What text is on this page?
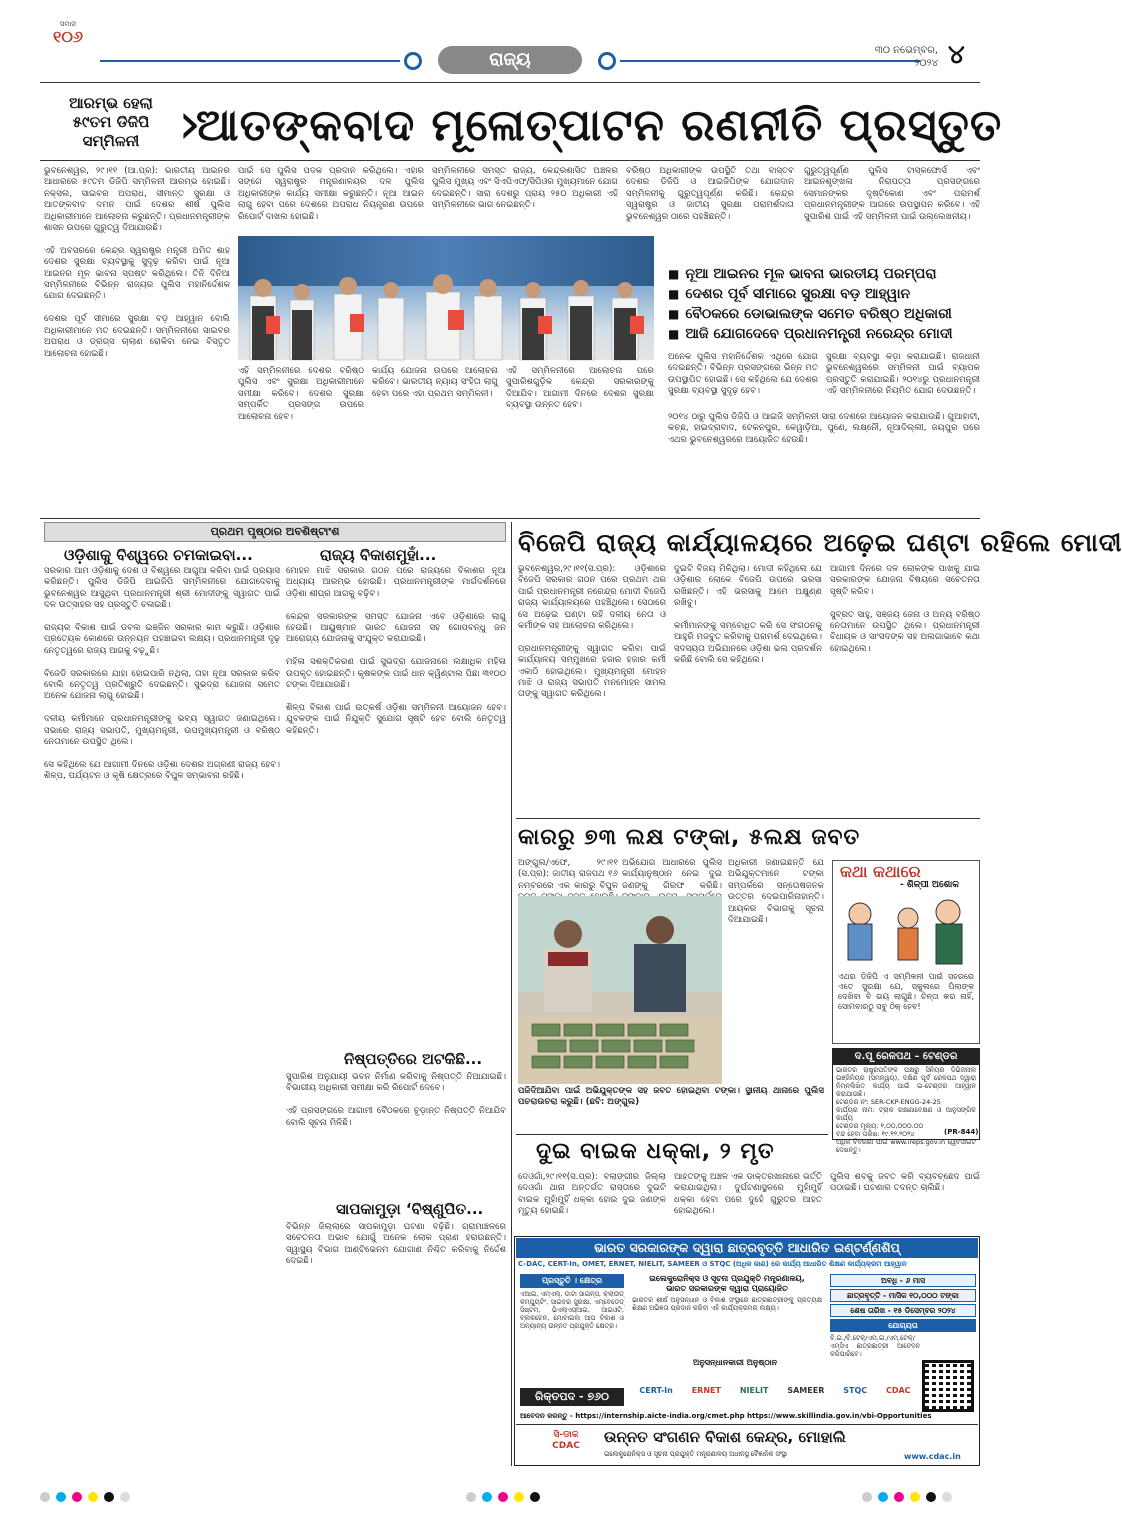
ସମାଜ
୧୦୬
ରାଜ୍ୟ	୩୦ ନଭେମ୍ବର,
୨୦୨୪ ୪
ଆରମ୍ଭ ହେଲା
୫୯ତମ ଡିଜିପି
ସମ୍ମିଳନୀ ›
ଆତଙ୍କବାଦ ମୂଳୋତ୍ପାଟନ ରଣନୀତି ପ୍ରସ୍ତୁତ
ଭୁବନେଶ୍ୱର, ୨୯।୧୧ (ଆ.ପ୍ର): ଭାରତୀୟ ଆଇନର ଆଧାରରେ ୫୯ତମ ଡିଜିପି ସମ୍ମିଳନୀ ଆରମ୍ଭ ହୋଇଛି। ନକ୍ସଲ, ସାଇବର ଅପରାଧ, ସୀମାନ୍ତ ସୁରକ୍ଷା ଓ ଆତଙ୍କବାଦ ଦମନ ପାଇଁ ଦେଶର ଶୀର୍ଷ ପୁଲିସ ଅଧିକାରୀମାନେ ଆଲୋଚନା କରୁଛନ୍ତି। ପ୍ରଧାନମନ୍ତ୍ରୀଙ୍କ ଶାସନ ଉପରେ ଗୁରୁତ୍ୱ ଦିଆଯାଉଛି।

ଏହି ଅବସରରେ କେନ୍ଦ୍ର ସ୍ୱରାଷ୍ଟ୍ର ମନ୍ତ୍ରୀ ଅମିତ ଶାହ ଦେଶର ସୁରକ୍ଷା ବ୍ୟବସ୍ଥାକୁ ସୁଦୃଢ଼ କରିବା ପାଇଁ ନୂଆ ଆଇନର ମୂଳ ଭାବନା ସ୍ପଷ୍ଟ କରିଥିଲେ। ତିନି ଦିନିଆ ସମ୍ମିଳନୀରେ ବିଭିନ୍ନ ରାଜ୍ୟର ପୁଲିସ ମହାନିର୍ଦ୍ଦେଶକ ଯୋଗ ଦେଇଛନ୍ତି।

ଦେଶର ପୂର୍ବ ସୀମାରେ ସୁରକ୍ଷା ବଡ଼ ଆହ୍ୱାନ ବୋଲି ଅଧିକାରୀମାନେ ମତ ଦେଇଛନ୍ତି। ସମ୍ମିଳନୀରେ ସାଇବର ଅପରାଧ ଓ ଡ୍ରଗ୍ସ ଚାଲାଣ ରୋକିବା ନେଇ ବିସ୍ତୃତ ଆଲୋଚନା ହୋଇଛି।
ପାଇଁ ସେ ପୁଲିସ ପଦକ ପ୍ରଦାନ କରିଥିଲେ। ଏହାର ସଙ୍ଗେ ସ୍ୱରାଷ୍ଟ୍ର ମନ୍ତ୍ରଣାଳୟର ଦଳ ପୁଲିସ ଅଧିକାରୀଙ୍କ କାର୍ଯ୍ୟ ସମୀକ୍ଷା କରୁଛନ୍ତି। ନୂଆ ଆଇନ ଲାଗୁ ହେବା ପରେ ଦେଶରେ ଅପରାଧ ନିୟନ୍ତ୍ରଣ ଉପରେ ରିପୋର୍ଟ ଦାଖଲ ହୋଇଛି।
ସମ୍ମିଳନୀରେ ସମସ୍ତ ରାଜ୍ୟ, କେନ୍ଦ୍ରଶାସିତ ଅଞ୍ଚଳର ପୁଲିସ ମୁଖ୍ୟ ଏବଂ ସିଏପିଏଫ୍/ସିପିଓର ମୁଖ୍ୟମାନେ ଯୋଗ ଦେଇଛନ୍ତି। ସାରା ଦେଶରୁ ପ୍ରାୟ ୨୫୦ ଅଧିକାରୀ ଏହି ସମ୍ମିଳନୀରେ ଭାଗ ନେଇଛନ୍ତି।
ବରିଷ୍ଠ ଅଧିକାରୀଙ୍କ ଉପସ୍ଥିତି ତଥା ବାସ୍ତବ ଦେଶର ଡିଜିପି ଓ ଆଇଜିପିଙ୍କ ଯୋଗଦାନ ସମ୍ମିଳନୀକୁ ଗୁରୁତ୍ୱପୂର୍ଣ୍ଣ କରିଛି। କେନ୍ଦ୍ର ସ୍ୱରାଷ୍ଟ୍ର ଓ ଜାତୀୟ ସୁରକ୍ଷା ପରାମର୍ଶଦାତା ଭୁବନେଶ୍ୱର ଠାରେ ପହଞ୍ଚିଛନ୍ତି।
ଗୁରୁତ୍ୱପୂର୍ଣ୍ଣ ପୁଲିସ ଟାସ୍କଫୋର୍ସ ଏବଂ ଆଇନଶୃଙ୍ଖଳା ନିରାପତ୍ତା ପ୍ରସଙ୍ଗରେ ସେମାନଙ୍କର ଦୃଷ୍ଟିକୋଣ ଏବଂ ପରାମର୍ଶ ପ୍ରଧାନମନ୍ତ୍ରୀଙ୍କ ଆଗରେ ଉପସ୍ଥାପନ କରିବେ। ଏହି ସୁପାରିଶ ପାଇଁ ଏହି ସମ୍ମିଳନୀ ପାଇଁ ଉଲ୍ଲେଖନୀୟ।
■ ନୂଆ ଆଇନର ମୂଳ ଭାବନା ଭାରତୀୟ ପରମ୍ପରା
■ ଦେଶର ପୂର୍ବ ସୀମାରେ ସୁରକ୍ଷା ବଡ଼ ଆହ୍ୱାନ
■ ବୈଠକରେ ଡୋଭାଲଙ୍କ ସମେତ ବରିଷ୍ଠ ଅଧିକାରୀ
■ ଆଜି ଯୋଗଦେବେ ପ୍ରଧାନମନ୍ତ୍ରୀ ନରେନ୍ଦ୍ର ମୋଦୀ
ଅନେକ ପୁଲିସ ମହାନିର୍ଦ୍ଦେଶକ ଏଥିରେ ଯୋଗ ଦେଇଛନ୍ତି। ବିଭିନ୍ନ ପ୍ରସଙ୍ଗରେ ଭିନ୍ନ ମତ ଉପସ୍ଥାପିତ ହୋଇଛି। ସେ କହିଥିଲେ ଯେ ଦେଶର ସୁରକ୍ଷା ବ୍ୟବସ୍ଥା ସୁଦୃଢ଼ ହେବ।
ସୁରକ୍ଷା ବ୍ୟବସ୍ଥା କଡ଼ା କରାଯାଇଛି। ରାଜଧାନୀ ଭୁବନେଶ୍ୱରରେ ସମ୍ମିଳନୀ ପାଇଁ ବ୍ୟାପକ ପ୍ରସ୍ତୁତି କରାଯାଇଛି। ୨୦୧୪ରୁ ପ୍ରଧାନମନ୍ତ୍ରୀ ଏହି ସମ୍ମିଳନୀରେ ନିୟମିତ ଯୋଗ ଦେଉଛନ୍ତି।
ଏହି ସମ୍ମିଳନୀରେ ଦେଶର ବରିଷ୍ଠ ପୁଲିସ ଏବଂ ସୁରକ୍ଷା ଅଧିକାରୀମାନେ ସମୀକ୍ଷା କରିବେ। ଦେଶର ସୁରକ୍ଷା ସମ୍ପର୍କିତ ପ୍ରସଙ୍ଗ ଉପରେ ଆଲୋଚନା ହେବ।
କାର୍ଯ୍ୟ ଯୋଜନା ଉପରେ ଆଲୋଚନା କରିବେ। ଭାରତୀୟ ନ୍ୟାୟ ସଂହିତା ଲାଗୁ ହେବା ପରେ ଏହା ପ୍ରଥମ ସମ୍ମିଳନୀ।
ଏହି ସମ୍ମିଳନୀରେ ଆଲୋଚନା ପରେ ସୁପାରିଶଗୁଡ଼ିକ କେନ୍ଦ୍ର ସରକାରଙ୍କୁ ଦିଆଯିବ। ଆଗାମୀ ଦିନରେ ଦେଶର ସୁରକ୍ଷା ବ୍ୟବସ୍ଥା ଉନ୍ନତ ହେବ।
୨୦୧୪ ଠାରୁ ପୁଲିସ ଡିଜିପି ଓ ଆଇଜି ସମ୍ମିଳନୀ ସାରା ଦେଶରେ ଆୟୋଜନ କରାଯାଉଛି। ଗୁଆହାଟୀ, କଚ୍ଛ, ହାଇଦ୍ରାବାଦ, ଟେକନପୁର, କେୱାଡ଼ିଆ, ପୁଣେ, ଲକ୍ଷ୍ନୌ, ନୂଆଦିଲ୍ଲୀ, ଜୟପୁର ପରେ ଏଥର ଭୁବନେଶ୍ୱରରେ ଆୟୋଜିତ ହେଉଛି।
ପ୍ରଥମ ପୃଷ୍ଠାର ଅବଶିଷ୍ଟାଂଶ
ଓଡ଼ିଶାକୁ ବିଶ୍ୱରେ ଚମକାଇବା...
ସରକାର ଆମ ଓଡ଼ିଶାକୁ ଦେଶ ଓ ବିଶ୍ୱରେ ଆଗୁଆ କରିବା ପାଇଁ ପ୍ରୟାସ କରିଛନ୍ତି। ପୁଲିସ ଡିଜିପି ଆଇଜିପି ସମ୍ମିଳନୀରେ ଯୋଗଦେବାକୁ ଭୁବନେଶ୍ୱର ଆସୁଥିବା ପ୍ରଧାନମନ୍ତ୍ରୀ ଶ୍ରୀ ମୋଦୀଙ୍କୁ ସ୍ୱାଗତ ପାଇଁ ଦଳ ଉତ୍ସାହର ସହ ପ୍ରସ୍ତୁତି ଚଳାଇଛି।

ରାଜ୍ୟର ବିକାଶ ପାଇଁ ଡବଲ ଇଞ୍ଜିନ ସରକାର କାମ କରୁଛି। ଓଡ଼ିଶାର ପ୍ରତ୍ୟେକ କୋଣରେ ଉନ୍ନୟନ ପହଞ୍ଚାଇବା ଲକ୍ଷ୍ୟ। ପ୍ରଧାନମନ୍ତ୍ରୀ ଦୃଢ଼ ନେତୃତ୍ୱରେ ରାଜ୍ୟ ଆଗକୁ ବଢ଼ୁଛି।

ବିଜେଡି ସରକାରରେ ଯାହା ହୋଇପାରି ନଥିଲା, ତାହା ନୂଆ ସରକାର କରିବ ବୋଲି ନେତୃତ୍ୱ ପ୍ରତିଶ୍ରୁତି ଦେଇଛନ୍ତି। ସୁଭଦ୍ରା ଯୋଜନା ସମେତ ଅନେକ ଯୋଜନା ଲାଗୁ ହୋଇଛି।

ଦଳୀୟ କର୍ମୀମାନେ ପ୍ରଧାନମନ୍ତ୍ରୀଙ୍କୁ ଭବ୍ୟ ସ୍ୱାଗତ ଜଣାଇଥିଲେ। ସଭାରେ ରାଜ୍ୟ ସଭାପତି, ମୁଖ୍ୟମନ୍ତ୍ରୀ, ଉପମୁଖ୍ୟମନ୍ତ୍ରୀ ଓ ବରିଷ୍ଠ ନେତାମାନେ ଉପସ୍ଥିତ ଥିଲେ।

ସେ କହିଥିଲେ ଯେ ଆଗାମୀ ଦିନରେ ଓଡ଼ିଶା ଦେଶର ଅଗ୍ରଣୀ ରାଜ୍ୟ ହେବ। ଶିଳ୍ପ, ପର୍ଯ୍ୟଟନ ଓ କୃଷି କ୍ଷେତ୍ରରେ ବିପୁଳ ସମ୍ଭାବନା ରହିଛି।
ରାଜ୍ୟ ବିକାଶମୁହାଁ...
ମୋହନ ମାଝି ସରକାର ଗଠନ ପରେ ରାଜ୍ୟରେ ବିକାଶର ନୂଆ ଅଧ୍ୟାୟ ଆରମ୍ଭ ହୋଇଛି। ପ୍ରଧାନମନ୍ତ୍ରୀଙ୍କ ମାର୍ଗଦର୍ଶନରେ ଓଡ଼ିଶା ଶୀଘ୍ର ଆଗକୁ ବଢ଼ିବ।

କେନ୍ଦ୍ର ସରକାରଙ୍କ ସମସ୍ତ ଯୋଜନା ଏବେ ଓଡ଼ିଶାରେ ଲାଗୁ ହେଉଛି। ଆୟୁଷ୍ମାନ ଭାରତ ଯୋଜନା ସହ ଗୋପବନ୍ଧୁ ଜନ ଆରୋଗ୍ୟ ଯୋଜନାକୁ ସଂଯୁକ୍ତ କରାଯାଇଛି।

ମହିଳା ସଶକ୍ତିକରଣ ପାଇଁ ସୁଭଦ୍ରା ଯୋଜନାରେ ଲକ୍ଷାଧିକ ମହିଳା ଉପକୃତ ହୋଇଛନ୍ତି। କୃଷକଙ୍କ ପାଇଁ ଧାନ କ୍ୱିଣ୍ଟାଲ ପିଛା ୩୧୦୦ ଟଙ୍କା ଦିଆଯାଉଛି।

ଶିଳ୍ପ ବିକାଶ ପାଇଁ ଉତ୍କର୍ଷ ଓଡ଼ିଶା ସମ୍ମିଳନୀ ଆୟୋଜନ ହେବ। ଯୁବକଙ୍କ ପାଇଁ ନିଯୁକ୍ତି ସୁଯୋଗ ସୃଷ୍ଟି ହେବ ବୋଲି ନେତୃତ୍ୱ କହିଛନ୍ତି।
ନିଷ୍ପତ୍ତିରେ ଅଟକିଛି...
ସୁପାରିଶ ଅନୁଯାୟୀ ଭବନ ନିର୍ମାଣ କରିବାକୁ ନିଷ୍ପତ୍ତି ନିଆଯାଇଛି। ବିଭାଗୀୟ ଅଧିକାରୀ ସମୀକ୍ଷା କରି ରିପୋର୍ଟ ଦେବେ।

ଏହି ପ୍ରସଙ୍ଗରେ ଆଗାମୀ ବୈଠକରେ ଚୂଡ଼ାନ୍ତ ନିଷ୍ପତ୍ତି ନିଆଯିବ ବୋଲି ସୂଚନା ମିଳିଛି।
ସାପକାମୁଡ଼ା ‘ବିଷ୍ଣୁପିତ...
ବିଭିନ୍ନ ଜିଲ୍ଲାରେ ସାପକାମୁଡ଼ା ଘଟଣା ବଢ଼ିଛି। ଗ୍ରାମାଞ୍ଚଳରେ ସଚେତନତା ଅଭାବ ଯୋଗୁଁ ଅନେକ ଲୋକ ପ୍ରାଣ ହରାଉଛନ୍ତି। ସ୍ୱାସ୍ଥ୍ୟ ବିଭାଗ ଆଣ୍ଟିଭେନମ ଯୋଗାଣ ନିଶ୍ଚିତ କରିବାକୁ ନିର୍ଦ୍ଦେଶ ଦେଇଛି।
ବିଜେପି ରାଜ୍ୟ କାର୍ଯ୍ୟାଳୟରେ ଅଢ଼େଇ ଘଣ୍ଟା ରହିଲେ ମୋଦୀ
ଭୁବନେଶ୍ୱର,୨୯।୧୧(ସ.ପ୍ର): ଓଡ଼ିଶାରେ ବିଜେପି ସରକାର ଗଠନ ପରେ ପ୍ରଥମ ଥର ପାଇଁ ପ୍ରଧାନମନ୍ତ୍ରୀ ନରେନ୍ଦ୍ର ମୋଦୀ ବିଜେପି ରାଜ୍ୟ କାର୍ଯ୍ୟାଳୟରେ ପହଞ୍ଚିଥିଲେ। ସେଠାରେ ସେ ଅଢ଼େଇ ଘଣ୍ଟା ରହି ଦଳୀୟ ନେତା ଓ କର୍ମୀଙ୍କ ସହ ଆଲୋଚନା କରିଥିଲେ।

ପ୍ରଧାନମନ୍ତ୍ରୀଙ୍କୁ ସ୍ୱାଗତ କରିବା ପାଇଁ କାର୍ଯ୍ୟାଳୟ ସମ୍ମୁଖରେ ହଜାର ହଜାର କର୍ମୀ ଏକାଠି ହୋଇଥିଲେ। ମୁଖ୍ୟମନ୍ତ୍ରୀ ମୋହନ ମାଝି ଓ ରାଜ୍ୟ ସଭାପତି ମନମୋହନ ସାମଲ ତାଙ୍କୁ ସ୍ୱାଗତ କରିଥିଲେ।
ଦୁଇଟି ବିଜୟ ମିଳିଥିଲା। ମୋଦୀ କହିଥିଲେ ଯେ ଓଡ଼ିଶାର ଲୋକେ ବିଜେପି ଉପରେ ଭରସା ରଖିଛନ୍ତି। ଏହି ଭରସାକୁ ଆମେ ଅକ୍ଷୁଣ୍ଣ ରଖିବୁ।

କର୍ମୀମାନଙ୍କୁ ସମ୍ବୋଧିତ କରି ସେ ସଂଗଠନକୁ ଆହୁରି ମଜବୁତ କରିବାକୁ ପରାମର୍ଶ ଦେଇଥିଲେ। ସଦସ୍ୟତା ଅଭିଯାନରେ ଓଡ଼ିଶା ଭଲ ପ୍ରଦର୍ଶନ କରିଛି ବୋଲି ସେ କହିଥିଲେ।
ଆଗାମୀ ଦିନରେ ଦଳ ଲୋକଙ୍କ ପାଖକୁ ଯାଇ ସରକାରଙ୍କ ଯୋଜନା ବିଷୟରେ ସଚେତନତା ସୃଷ୍ଟି କରିବ।

ସୁବ୍ରତ ସାହୁ, ସଞ୍ଜୟ ଜେନା ଓ ଅନ୍ୟ ବରିଷ୍ଠ ନେତାମାନେ ଉପସ୍ଥିତ ଥିଲେ। ପ୍ରଧାନମନ୍ତ୍ରୀ ବିଧାୟକ ଓ ସାଂସଦଙ୍କ ସହ ଅଲଗାଭାବେ କଥା ହୋଇଥିଲେ।
କାରରୁ ୭୩ ଲକ୍ଷ ଟଙ୍କା, ୫ଲକ୍ଷ ଜବତ
ଅଙ୍ଗୁଲ/ଏଫେ, ୨୯।୧୧ (ସ.ପ୍ର): ଜାତୀୟ ରାଜପଥ ୧୬ ନମ୍ବରରେ ଏକ କାରରୁ ବିପୁଳ
ଅଭିଯୋଗ ଆଧାରରେ ପୁଲିସ କାର୍ଯ୍ୟାନୁଷ୍ଠାନ ନେଇ ଦୁଇ ଜଣଙ୍କୁ ଗିରଫ କରିଛି।
ଅଧିକାରୀ ଜଣାଇଛନ୍ତି ଯେ ଅଭିଯୁକ୍ତମାନେ ଟଙ୍କା ସମ୍ପର୍କରେ ସନ୍ତୋଷଜନକ ଉତ୍ତର ଦେଇପାରିନାହାନ୍ତି। ଆୟକର ବିଭାଗକୁ ସୂଚନା ଦିଆଯାଇଛି।
ପଜିଦିଆଯିବା ପାଇଁ ଅଭିଯୁକ୍ତଙ୍କ ସହ ଜବତ ହୋଇଥିବା ଟଙ୍କା। ସ୍ଥାନୀୟ ଥାନାରେ ପୁଲିସ ପଚରାଉଚରା କରୁଛି। (ଛବି: ଅଙ୍ଗୁଲ)
କଥା କଥାରେ
- ଶିଳ୍ପୀ ଅଶୋକ
ଏଥର ଡିଜିପି ଏ ସମ୍ମିଳନୀ ପାଇଁ ସହରରେ ଏତେ ସୁରକ୍ଷା ଯେ, ସ୍କୁଲରେ ପିଲାଙ୍କ ଦେଖିବା ବି ଭୟ ଲାଗୁଛି। ଚିନ୍ତା କର ନାହିଁ, ସୋମବାରଠୁ ସବୁ ଠିକ୍ ହେବ!
ଦ.ପୂ ରେଳପଥ – ଟେଣ୍ଡର
ଭାରତର ରାଷ୍ଟ୍ରପତିଙ୍କ ପକ୍ଷରୁ ସିନିୟର ଡିଭିଜନାଲ ଇଞ୍ଜିନିୟର (ସମନ୍ୱୟ), ଦକ୍ଷିଣ ପୂର୍ବ ରେଳପଥ ଦ୍ୱାରା ନିମ୍ନଲିଖିତ କାର୍ଯ୍ୟ ପାଇଁ ଇ-ଟେଣ୍ଡର ଆହ୍ୱାନ କରାଯାଉଛି।
ଟେଣ୍ଡର ନଂ: SER-CKP-ENGG-24-25
କାର୍ଯ୍ୟର ନାମ: ଟ୍ରାକ ରକ୍ଷଣାବେକ୍ଷଣ ଓ ଆନୁସଙ୍ଗିକ କାର୍ଯ୍ୟ
ଟେଣ୍ଡର ମୂଲ୍ୟ: ୧,୦୦,୦୦୦.୦୦
ବନ୍ଦ ହେବା ତାରିଖ: ୧୯.୧୨.୨୦୨୪
ଅଧିକ ବିବରଣୀ ପାଇଁ www.ireps.gov.in ୱେବସାଇଟ ଦେଖନ୍ତୁ।
(PR-844)
ଦୁଇ ବାଇକ ଧକ୍କା, ୨ ମୃତ
ଦେଓଗାଁ,୨୯।୧୧(ସ.ପ୍ର): ବଲାଙ୍ଗୀର ଜିଲ୍ଲା ଦେଓଗାଁ ଥାନା ଅନ୍ତର୍ଗତ ରାସ୍ତାରେ ଦୁଇଟି ବାଇକ ମୁହାଁମୁହିଁ ଧକ୍କା ହୋଇ ଦୁଇ ଜଣଙ୍କ ମୃତ୍ୟୁ ହୋଇଛି।
ଆହତଙ୍କୁ ଅଞ୍ଚଳ ଏକ ଡାକ୍ତରଖାନାରେ ଭର୍ତ୍ତି କରାଯାଇଥିଲା। ଦୁର୍ଘଟଣାସ୍ଥଳରେ ମୁହାଁମୁହିଁ ଧକ୍କା ହେବା ପରେ ଦୁହେଁ ଗୁରୁତର ଆହତ ହୋଇଥିଲେ।
ପୁଲିସ ଶବକୁ ଜବତ କରି ବ୍ୟବଚ୍ଛେଦ ପାଇଁ ପଠାଇଛି। ଘଟଣାର ତଦନ୍ତ ଚାଲିଛି।
ଭାରତ ସରକାରଙ୍କ ଦ୍ୱାରା ଛାତ୍ରବୃତ୍ତି ଆଧାରିତ ଇଣ୍ଟର୍ଣ୍ଣଶିପ୍
C-DAC, CERT-In, OMET, ERNET, NIELIT, SAMEER ଓ STQC (ଅଧିକ ଜାଣ) ରେ କାର୍ଯ୍ୟ ଆଧାରିତ ଶିକ୍ଷଣ କାର୍ଯ୍ୟକ୍ରମ ଆହ୍ୱାନ
ପ୍ରସ୍ତୁତି । କ୍ଷେତ୍ର
ଏଆଇ, ଏମ୍‌ଏଲ୍, ଡାଟା ସାଇନ୍ସ, କ୍ଲାଉଡ୍ କମ୍ପ୍ୟୁଟିଂ, ସାଇବର ସୁରକ୍ଷା, ଏମ୍ବେଡେଡ୍ ସିଷ୍ଟମ, ଭିଏଲ୍‌ଏସ୍‌ଆଇ, ଆଇଓଟି, ବ୍ଲକଚେନ, ମୋବାଇଲ ଆପ ବିକାଶ ଓ ଅନ୍ୟାନ୍ୟ ଉନ୍ନତ ପ୍ରଯୁକ୍ତି କ୍ଷେତ୍ର।
ଇଲେକ୍ଟ୍ରୋନିକ୍ସ ଓ ସୂଚନା ପ୍ରଯୁକ୍ତି ମନ୍ତ୍ରଣାଳୟ,
ଭାରତ ସରକାରଙ୍କ ଦ୍ୱାରା ପ୍ରାୟୋଜିତ
ଭାରତର ଶୀର୍ଷ ଅନୁସନ୍ଧାନ ଓ ବିକାଶ ସଂସ୍ଥାରେ ଛାତ୍ରଛାତ୍ରୀଙ୍କୁ ପ୍ରତ୍ୟକ୍ଷ ଶିକ୍ଷଣ ଅଭିଜ୍ଞତା ପ୍ରଦାନ କରିବା ଏହି କାର୍ଯ୍ୟକ୍ରମର ଲକ୍ଷ୍ୟ।
ଅବଧି - ୬ ମାସ
ଛାତ୍ରବୃତ୍ତି - ମାସିକ ୧୦,୦୦୦ ଟଙ୍କା
ଶେଷ ତାରିଖ - ୧୫ ଡିସେମ୍ବର ୨୦୨୪
ଯୋଗ୍ୟତା
ବି.ଇ./ବି.ଟେକ୍/ଏମ୍.ଇ./ଏମ୍.ଟେକ୍/ଏମ୍‌ସିଏ ଛାତ୍ରଛାତ୍ରୀ ଆବେଦନ କରିପାରିବେ।
ରିକ୍ତପଦ - ୭୬୦
ଅନୁସନ୍ଧାନକାରୀ ଅନୁଷ୍ଠାନ
CERT-In ERNET NIELIT SAMEER STQC CDAC
ଆବେଦନ କରନ୍ତୁ - https://internship.aicte-india.org/cmet.php https://www.skillindia.gov.in/vbi-Opportunities
ସି-ଡାକ
CDAC	ଉନ୍ନତ ସଂଗଣନ ବିକାଶ କେନ୍ଦ୍ର, ମୋହାଲି
ଇଲେକ୍ଟ୍ରୋନିକ୍ସ ଓ ସୂଚନା ପ୍ରଯୁକ୍ତି ମନ୍ତ୍ରଣାଳୟ ଅଧୀନସ୍ଥ ବୈଜ୍ଞାନିକ ସଂସ୍ଥା	www.cdac.in
